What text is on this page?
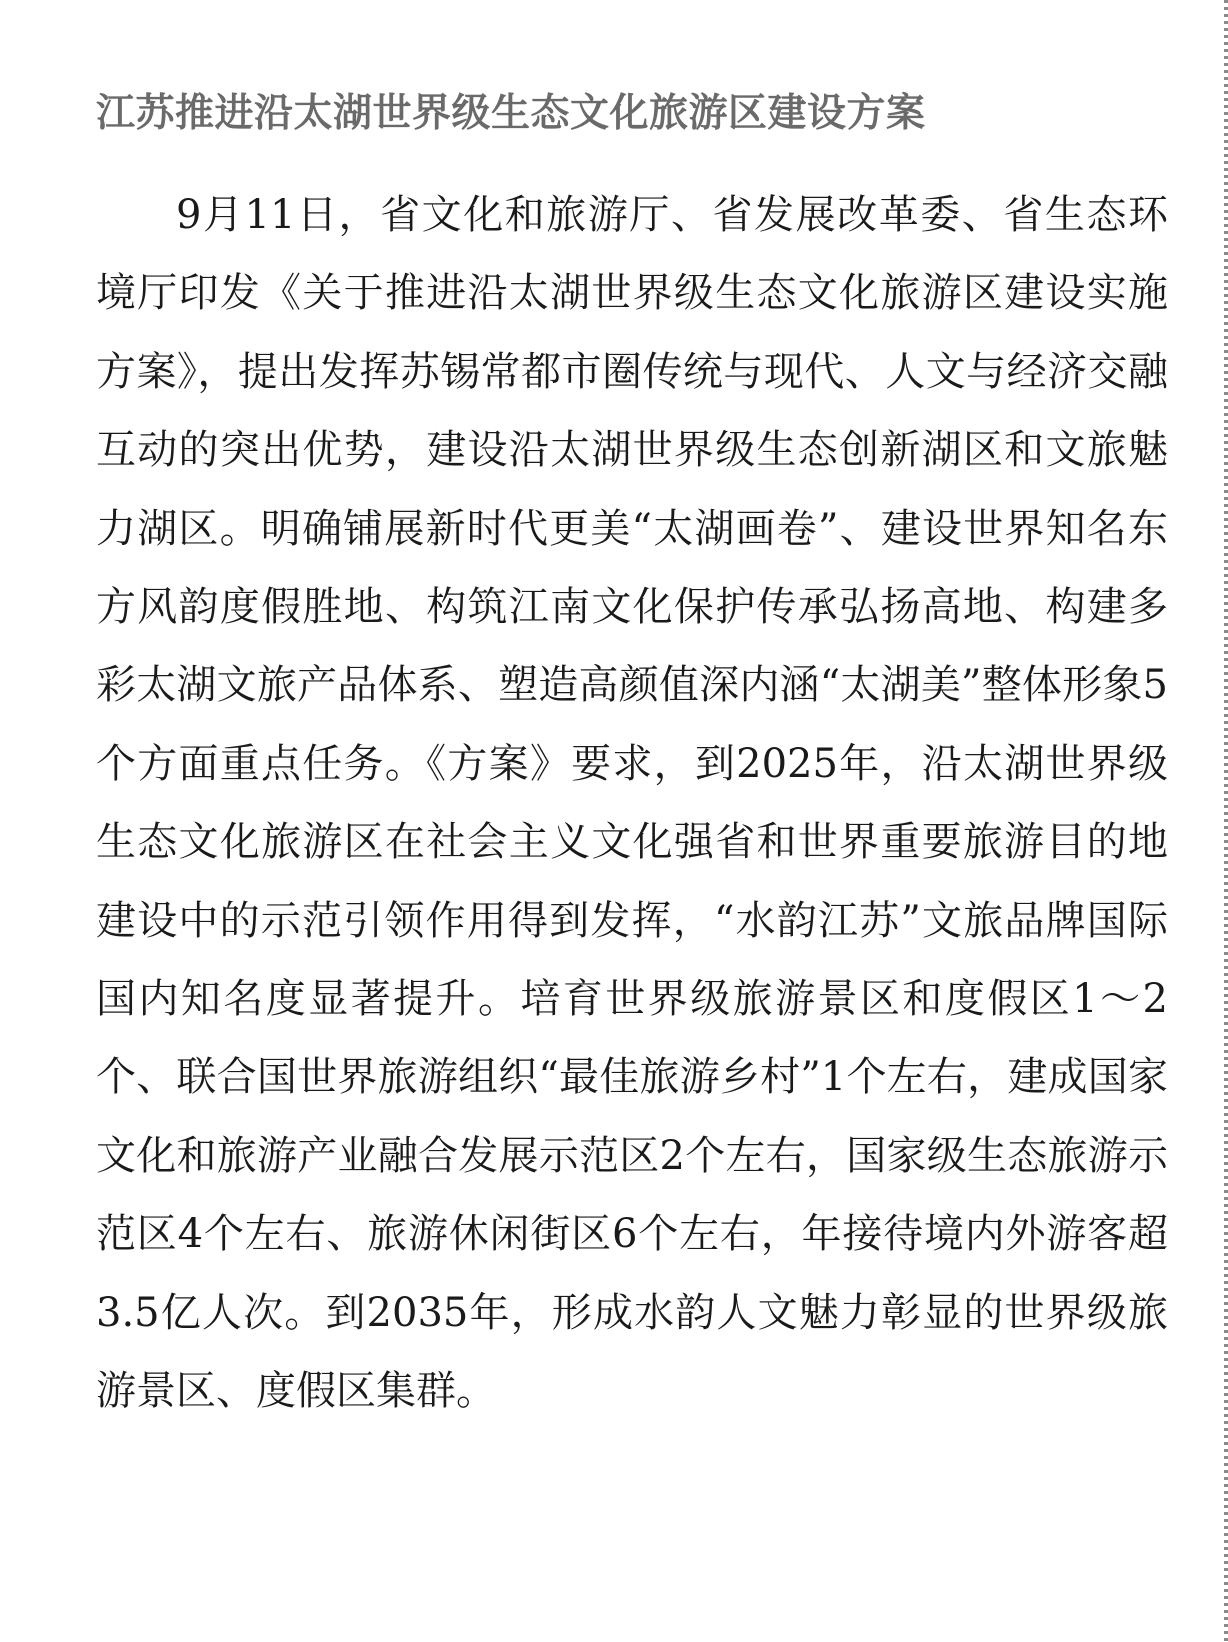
江苏推进沿太湖世界级生态文化旅游区建设方案
9月11日，省文化和旅游厅、省发展改革委、省生态环境厅印发《关于推进沿太湖世界级生态文化旅游区建设实施方案》，提出发挥苏锡常都市圈传统与现代、人文与经济交融互动的突出优势，建设沿太湖世界级生态创新湖区和文旅魅力湖区。明确铺展新时代更美“太湖画卷”、建设世界知名东方风韵度假胜地、构筑江南文化保护传承弘扬高地、构建多彩太湖文旅产品体系、塑造高颜值深内涵“太湖美”整体形象5个方面重点任务。《方案》要求，到2025年，沿太湖世界级生态文化旅游区在社会主义文化强省和世界重要旅游目的地建设中的示范引领作用得到发挥，“水韵江苏”文旅品牌国际国内知名度显著提升。培育世界级旅游景区和度假区1～2个、联合国世界旅游组织“最佳旅游乡村”1个左右，建成国家文化和旅游产业融合发展示范区2个左右，国家级生态旅游示范区4个左右、旅游休闲街区6个左右，年接待境内外游客超3.5亿人次。到2035年，形成水韵人文魅力彰显的世界级旅游景区、度假区集群。
